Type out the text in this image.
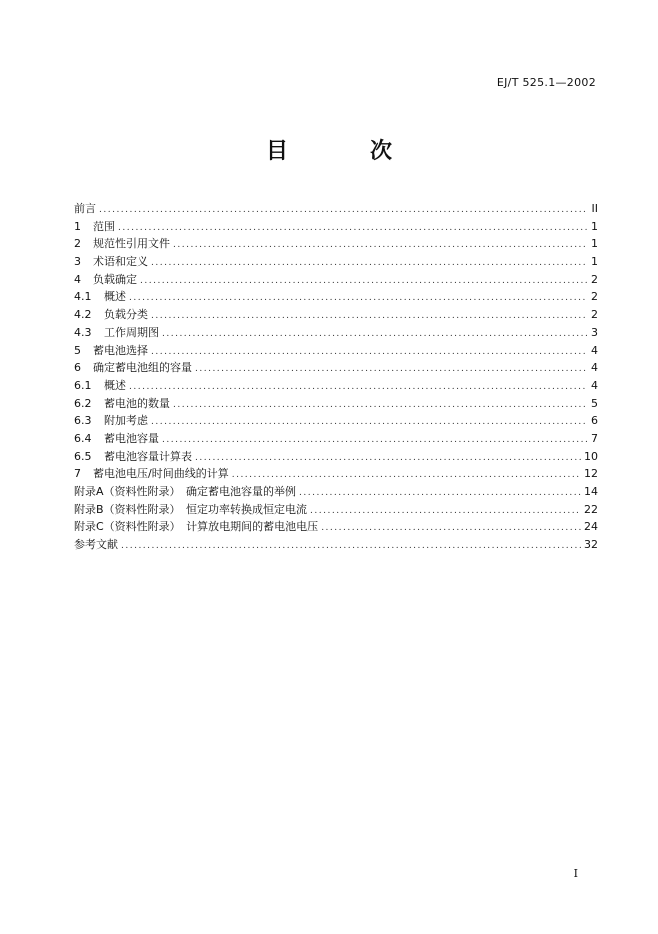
EJ/T 525.1—2002
目　次
前言 .....	II
1	范围 .....	1
2	规范性引用文件 .....	1
3	术语和定义 .....	1
4	负载确定 .....	2
4.1	概述 .....	2
4.2	负载分类 .....	2
4.3	工作周期图 .....	3
5	蓄电池选择 .....	4
6	确定蓄电池组的容量 .....	4
6.1	概述 .....	4
6.2	蓄电池的数量 .....	5
6.3	附加考虑 .....	6
6.4	蓄电池容量 .....	7
6.5	蓄电池容量计算表 .....	10
7	蓄电池电压/时间曲线的计算 .....	12
附录A（资料性附录）　确定蓄电池容量的举例 .....	14
附录B（资料性附录）　恒定功率转换成恒定电流 .....	22
附录C（资料性附录）　计算放电期间的蓄电池电压 .....	24
参考文献 .....	32
I
